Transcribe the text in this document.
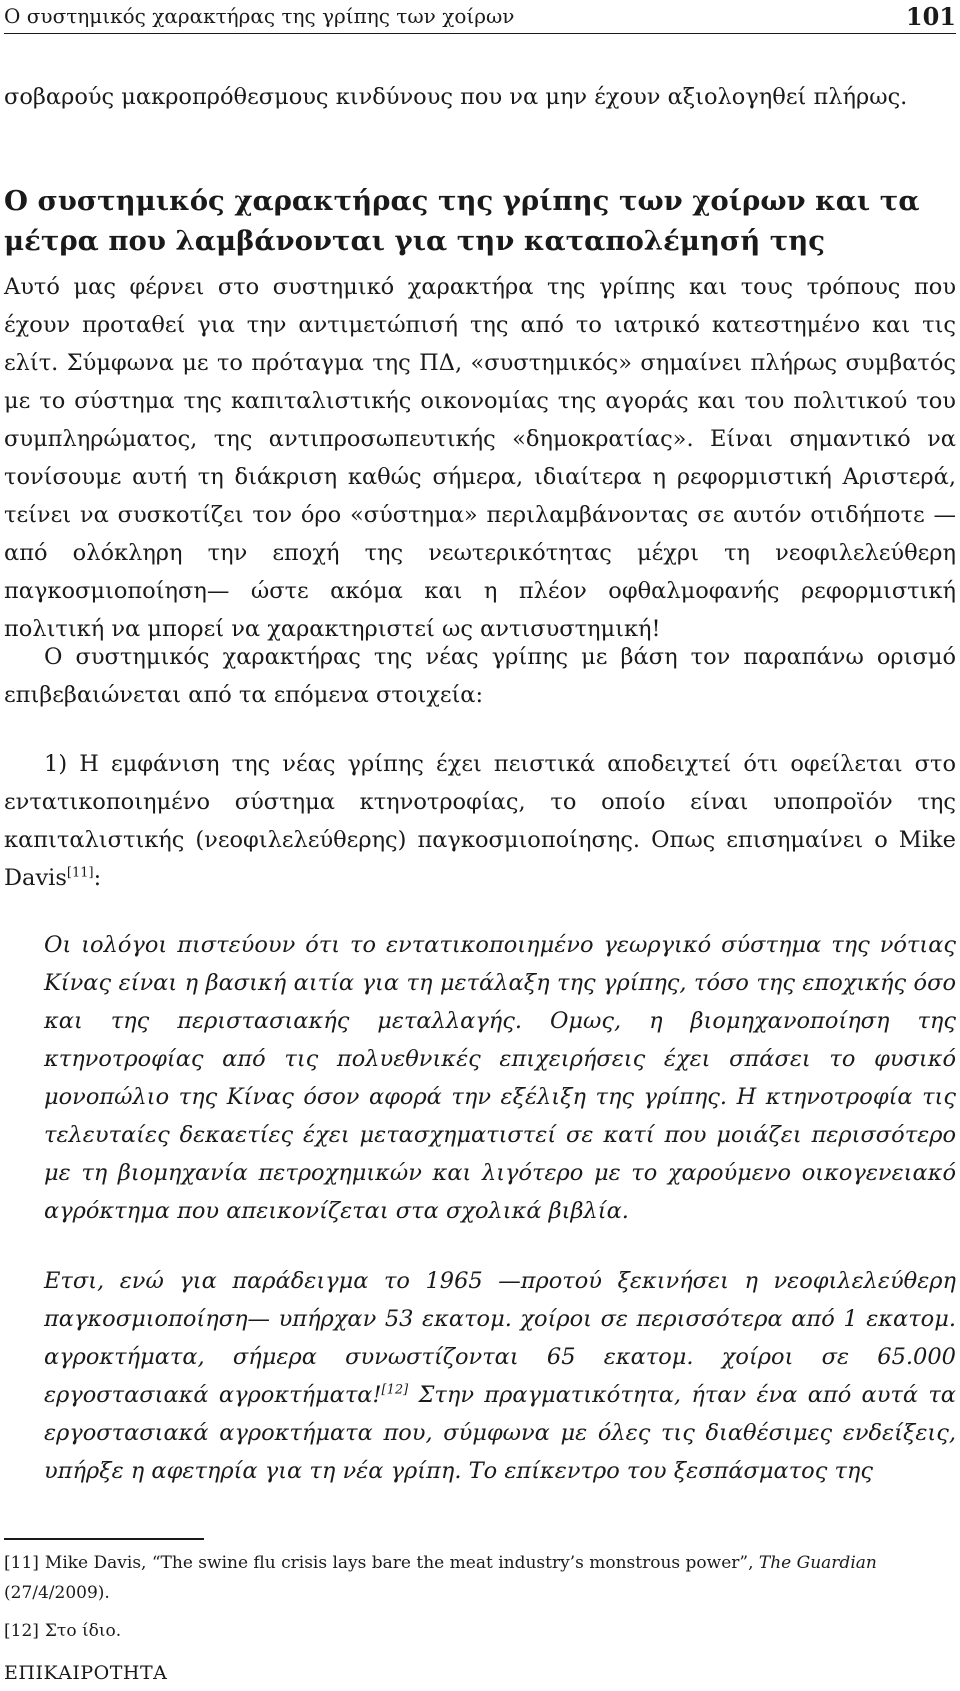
Ο συστημικός χαρακτήρας της γρίπης των χοίρων	101

σοβαρούς μακροπρόθεσμους κινδύνους που να μην έχουν αξιολογηθεί πλήρως.

Ο συστημικός χαρακτήρας της γρίπης των χοίρων και τα μέτρα που λαμβάνονται για την καταπολέμησή της

Αυτό μας φέρνει στο συστημικό χαρακτήρα της γρίπης και τους τρόπους που έχουν προταθεί για την αντιμετώπισή της από το ιατρικό κατεστημένο και τις ελίτ. Σύμφωνα με το πρόταγμα της ΠΔ, «συστημικός» σημαίνει πλήρως συμβατός με το σύστημα της καπιταλιστικής οικονομίας της αγοράς και του πολιτικού του συμπληρώματος, της αντιπροσωπευτικής «δημοκρατίας». Είναι σημαντικό να τονίσουμε αυτή τη διάκριση καθώς σήμερα, ιδιαίτερα η ρεφορμιστική Αριστερά, τείνει να συσκοτίζει τον όρο «σύστημα» περιλαμβάνοντας σε αυτόν οτιδήποτε —από ολόκληρη την εποχή της νεωτερικότητας μέχρι τη νεοφιλελεύθερη παγκοσμιοποίηση— ώστε ακόμα και η πλέον οφθαλμοφανής ρεφορμιστική πολιτική να μπορεί να χαρακτηριστεί ως αντισυστημική!

Ο συστημικός χαρακτήρας της νέας γρίπης με βάση τον παραπάνω ορισμό επιβεβαιώνεται από τα επόμενα στοιχεία:

1) Η εμφάνιση της νέας γρίπης έχει πειστικά αποδειχτεί ότι οφείλεται στο εντατικοποιημένο σύστημα κτηνοτροφίας, το οποίο είναι υποπροϊόν της καπιταλιστικής (νεοφιλελεύθερης) παγκοσμιοποίησης. Οπως επισημαίνει ο Mike Davis[11]:

Οι ιολόγοι πιστεύουν ότι το εντατικοποιημένο γεωργικό σύστημα της νότιας Κίνας είναι η βασική αιτία για τη μετάλαξη της γρίπης, τόσο της εποχικής όσο και της περιστασιακής μεταλλαγής. Ομως, η βιομηχανοποίηση της κτηνοτροφίας από τις πολυεθνικές επιχειρήσεις έχει σπάσει το φυσικό μονοπώλιο της Κίνας όσον αφορά την εξέλιξη της γρίπης. Η κτηνοτροφία τις τελευταίες δεκαετίες έχει μετασχηματιστεί σε κατί που μοιάζει περισσότερο με τη βιομηχανία πετροχημικών και λιγότερο με το χαρούμενο οικογενειακό αγρόκτημα που απεικονίζεται στα σχολικά βιβλία.

Ετσι, ενώ για παράδειγμα το 1965 —προτού ξεκινήσει η νεοφιλελεύθερη παγκοσμιοποίηση— υπήρχαν 53 εκατομ. χοίροι σε περισσότερα από 1 εκατομ. αγροκτήματα, σήμερα συνωστίζονται 65 εκατομ. χοίροι σε 65.000 εργοστασιακά αγροκτήματα![12] Στην πραγματικότητα, ήταν ένα από αυτά τα εργοστασιακά αγροκτήματα που, σύμφωνα με όλες τις διαθέσιμες ενδείξεις, υπήρξε η αφετηρία για τη νέα γρίπη. Το επίκεντρο του ξεσπάσματος της

[11] Mike Davis, “The swine flu crisis lays bare the meat industry’s monstrous power”, The Guardian (27/4/2009).

[12] Στο ίδιο.

ΕΠΙΚΑΙΡΟΤΗΤΑ
